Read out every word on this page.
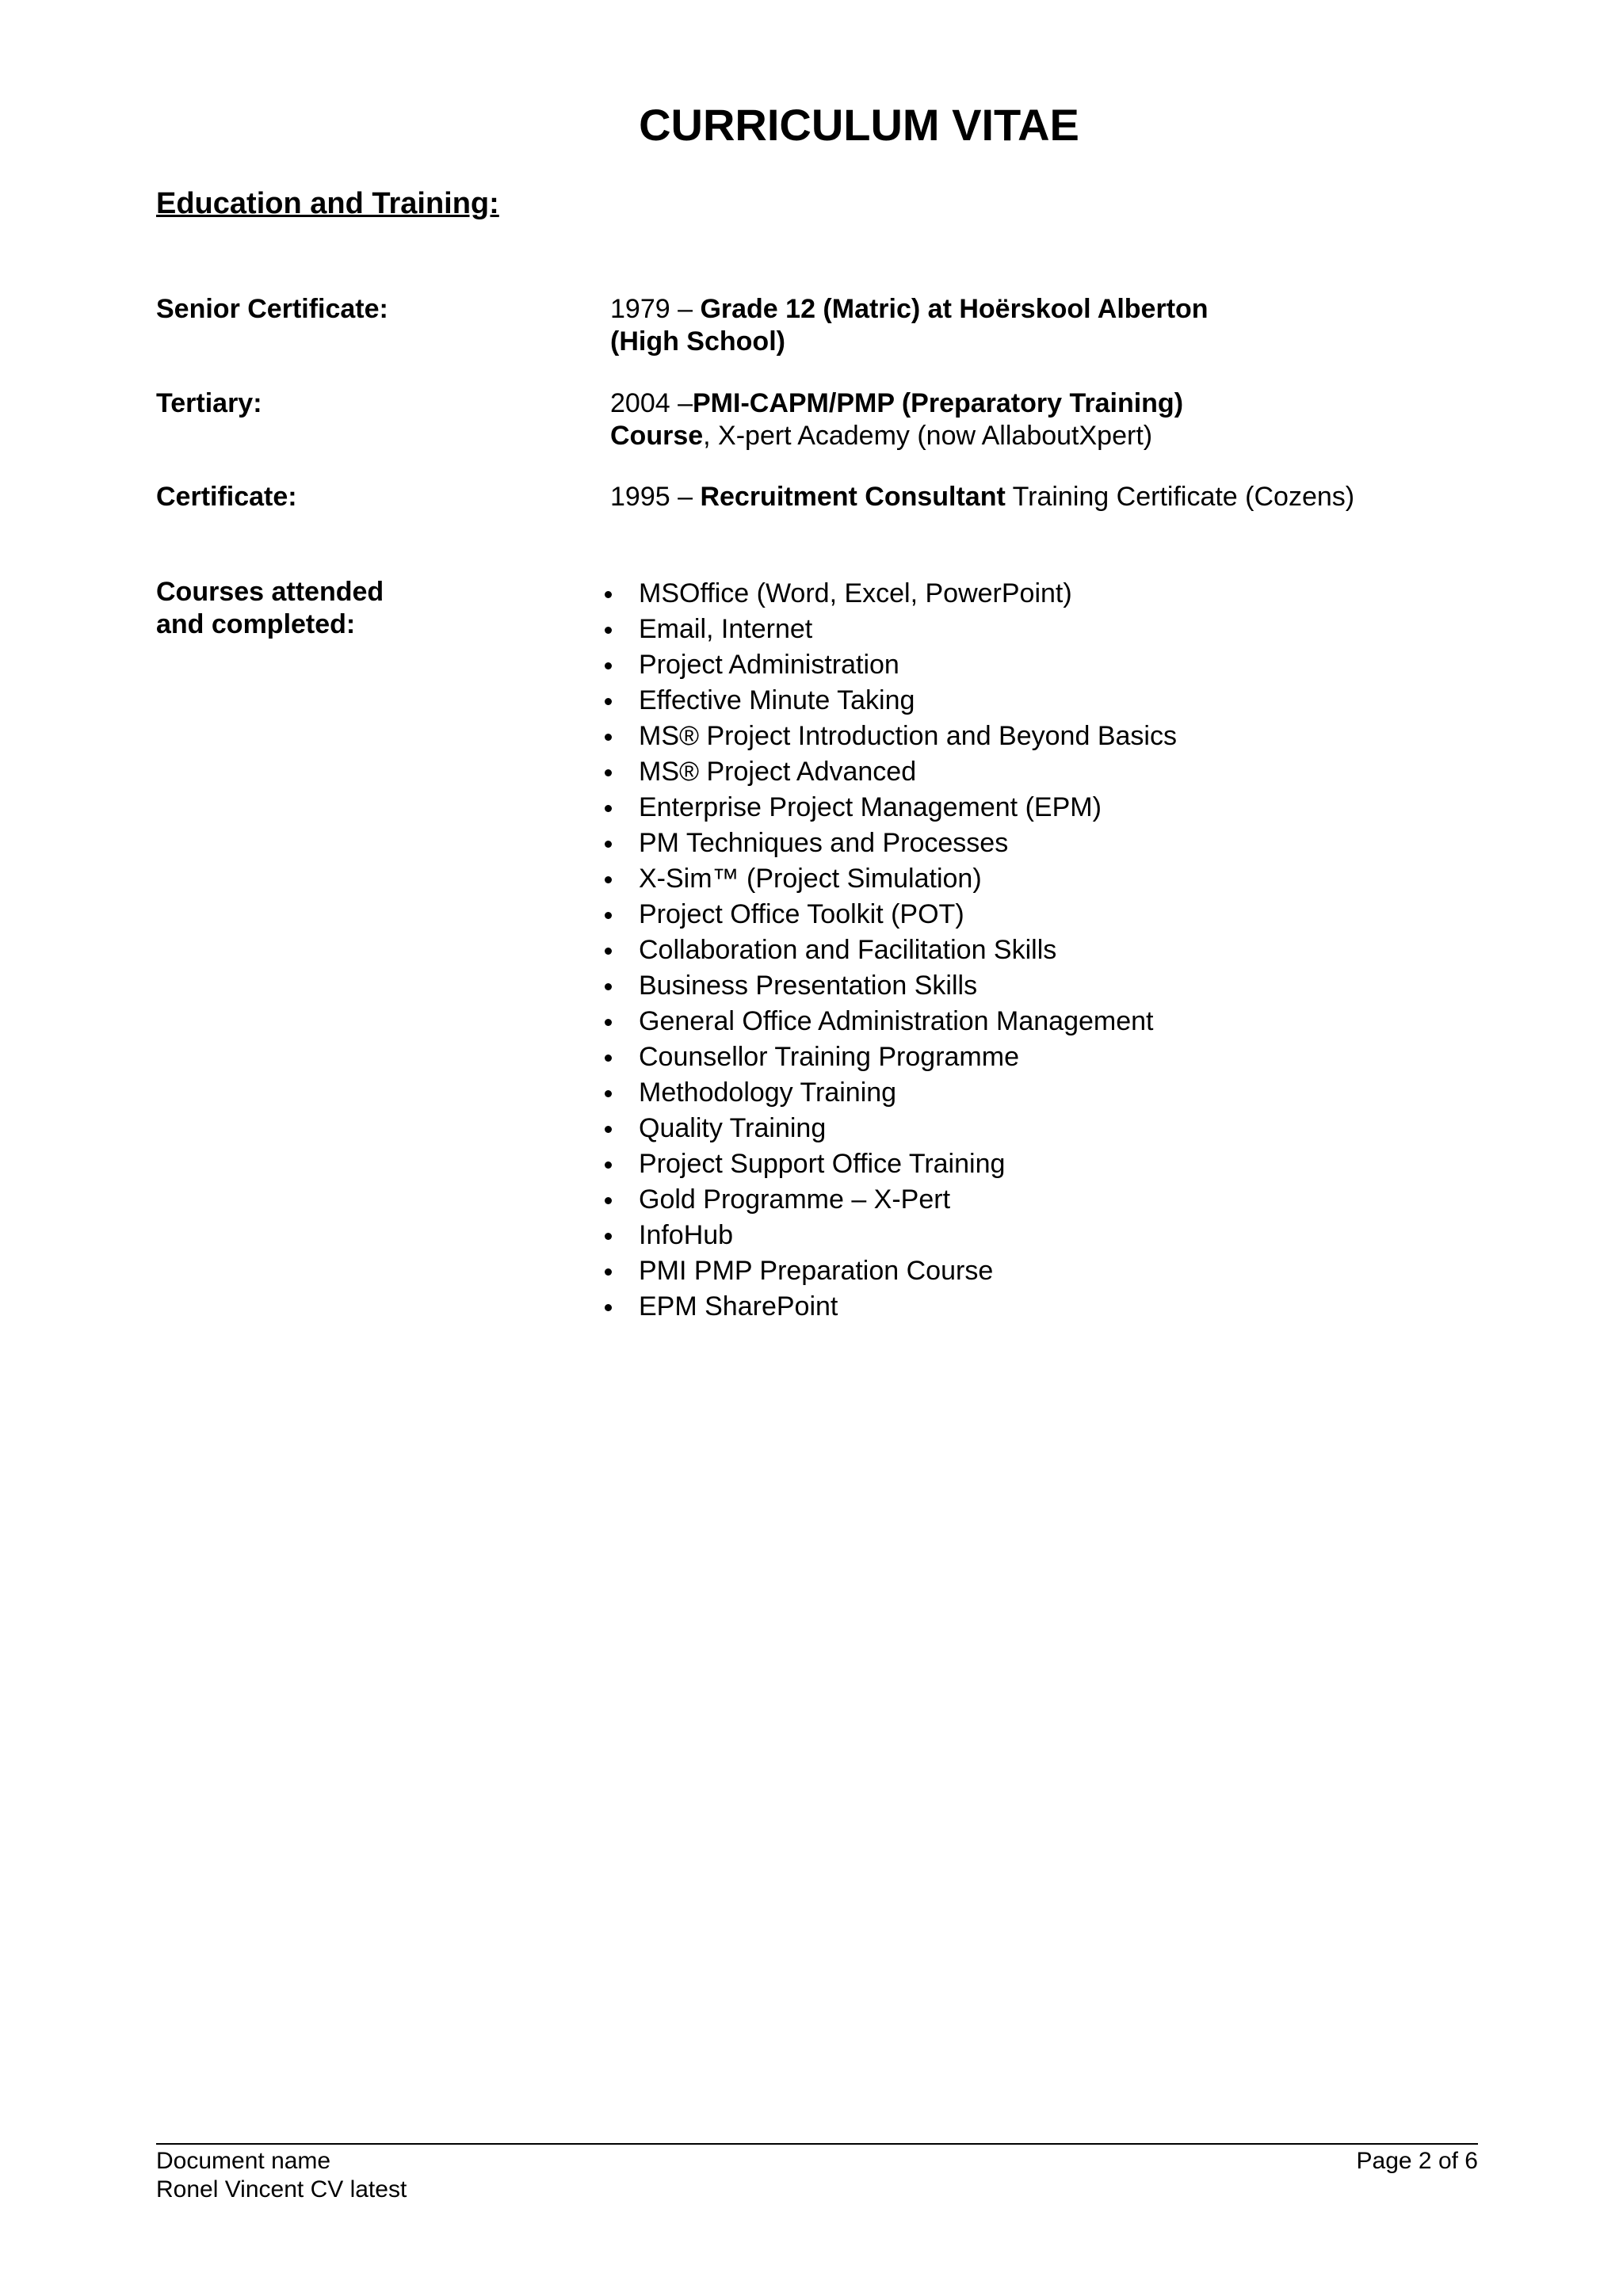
CURRICULUM VITAE
Education and Training:
Senior Certificate:	1979 – Grade 12 (Matric) at Hoërskool Alberton
(High School)
Tertiary:	2004 –PMI-CAPM/PMP (Preparatory Training)
Course, X-pert Academy (now AllaboutXpert)
Certificate:	1995 – Recruitment Consultant Training Certificate (Cozens)
Courses attended
and completed:
MSOffice (Word, Excel, PowerPoint)
Email, Internet
Project Administration
Effective Minute Taking
MS® Project Introduction and Beyond Basics
MS® Project Advanced
Enterprise Project Management (EPM)
PM Techniques and Processes
X-Sim™ (Project Simulation)
Project Office Toolkit (POT)
Collaboration and Facilitation Skills
Business Presentation Skills
General Office Administration Management
Counsellor Training Programme
Methodology Training
Quality Training
Project Support Office Training
Gold Programme – X-Pert
InfoHub
PMI PMP Preparation Course
EPM SharePoint
Document name
Ronel Vincent CV latest
Page 2 of 6
